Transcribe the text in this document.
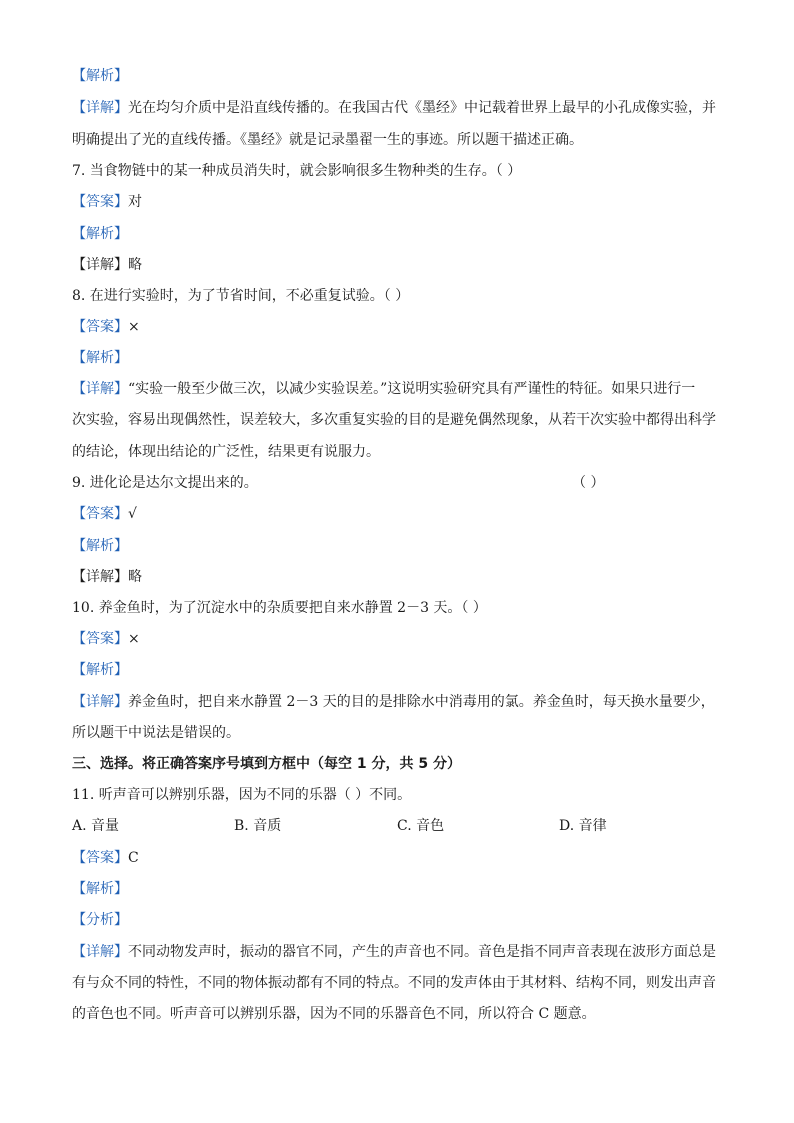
【解析】
【详解】光在均匀介质中是沿直线传播的。在我国古代《墨经》中记载着世界上最早的小孔成像实验，并
明确提出了光的直线传播。《墨经》就是记录墨翟一生的事迹。所以题干描述正确。
7. 当食物链中的某一种成员消失时，就会影响很多生物种类的生存。（ ）
【答案】对
【解析】
【详解】略
8. 在进行实验时，为了节省时间，不必重复试验。（ ）
【答案】×
【解析】
【详解】“实验一般至少做三次，以减少实验误差。”这说明实验研究具有严谨性的特征。如果只进行一
次实验，容易出现偶然性，误差较大，多次重复实验的目的是避免偶然现象，从若干次实验中都得出科学
的结论，体现出结论的广泛性，结果更有说服力。
9. 进化论是达尔文提出来的。	（ ）
【答案】√
【解析】
【详解】略
10. 养金鱼时，为了沉淀水中的杂质要把自来水静置 2－3 天。（ ）
【答案】×
【解析】
【详解】养金鱼时，把自来水静置 2－3 天的目的是排除水中消毒用的氯。养金鱼时，每天换水量要少，
所以题干中说法是错误的。
三、选择。将正确答案序号填到方框中（每空 1 分，共 5 分）
11. 听声音可以辨别乐器，因为不同的乐器（ ）不同。
A. 音量	B. 音质	C. 音色	D. 音律
【答案】C
【解析】
【分析】
【详解】不同动物发声时，振动的器官不同，产生的声音也不同。音色是指不同声音表现在波形方面总是
有与众不同的特性，不同的物体振动都有不同的特点。不同的发声体由于其材料、结构不同，则发出声音
的音色也不同。听声音可以辨别乐器，因为不同的乐器音色不同，所以符合 C 题意。
